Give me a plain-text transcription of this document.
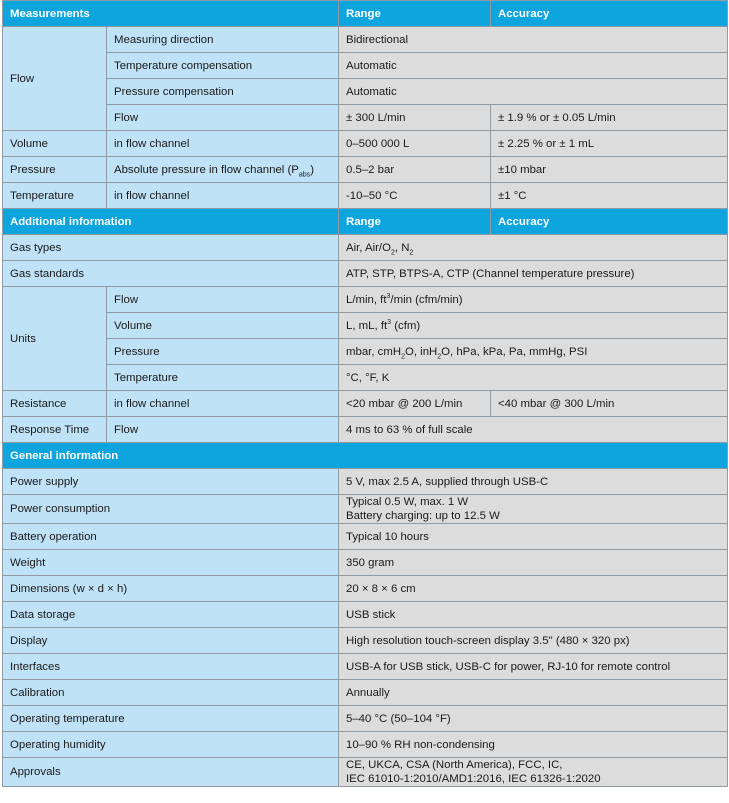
Measurements		Range	Accuracy
Flow	Measuring direction	Bidirectional	
	Temperature compensation	Automatic	
	Pressure compensation	Automatic	
	Flow	± 300 L/min	± 1.9 % or ± 0.05 L/min
Volume	in flow channel	0–500 000 L	± 2.25 % or ± 1 mL
Pressure	Absolute pressure in flow channel $(P_{abs})$	0.5–2 bar	±10 mbar
Temperature	in flow channel	-10–50 °C	±1 °C
Additional information		Range	Accuracy
Gas types		Air, Air/$O_2$, $N_2$
Gas standards		ATP, STP, BTPS-A, CTP (Channel temperature pressure)	
Units	Flow	L/min, $ft^3/\min$ (cfm/min)	
	Volume	L, mL, $ft^3$ (cfm)	
	Pressure	mbar, cmH$_2$O, inH$_2$O, hPa, kPa, Pa, mmHg, PSI	
	Temperature	°C, °F, K	
Resistance	in flow channel	<20 mbar @ 200 L/min	<40 mbar @ 300 L/min
Response Time	Flow	4 ms to 63 % of full scale	
General information			
Power supply		5 V, max 2.5 A, supplied through USB-C	
Power consumption		Typical 0.5 W, max. 1 W
Battery charging: up to 12.5 W	

Battery operation		Typical 10 hours	
Weight		350 gram	
Dimensions (w × d × h)		20 × 8 × 6 cm	
Data storage		USB stick	
Display		High resolution touch-screen display 3.5" (480 × 320 px)	
Interfaces		USB-A for USB stick, USB-C for power, RJ-10 for remote control	
Calibration		Annually	
Operating temperature		5–40 °C (50–104 °F)	
Operating humidity		10–90 % RH non-condensing	
Approvals		CE, UKCA, CSA (North America), FCC, IC,
IEC 61010-1:2010/AMD1:2016, IEC 61326-1:2020	
